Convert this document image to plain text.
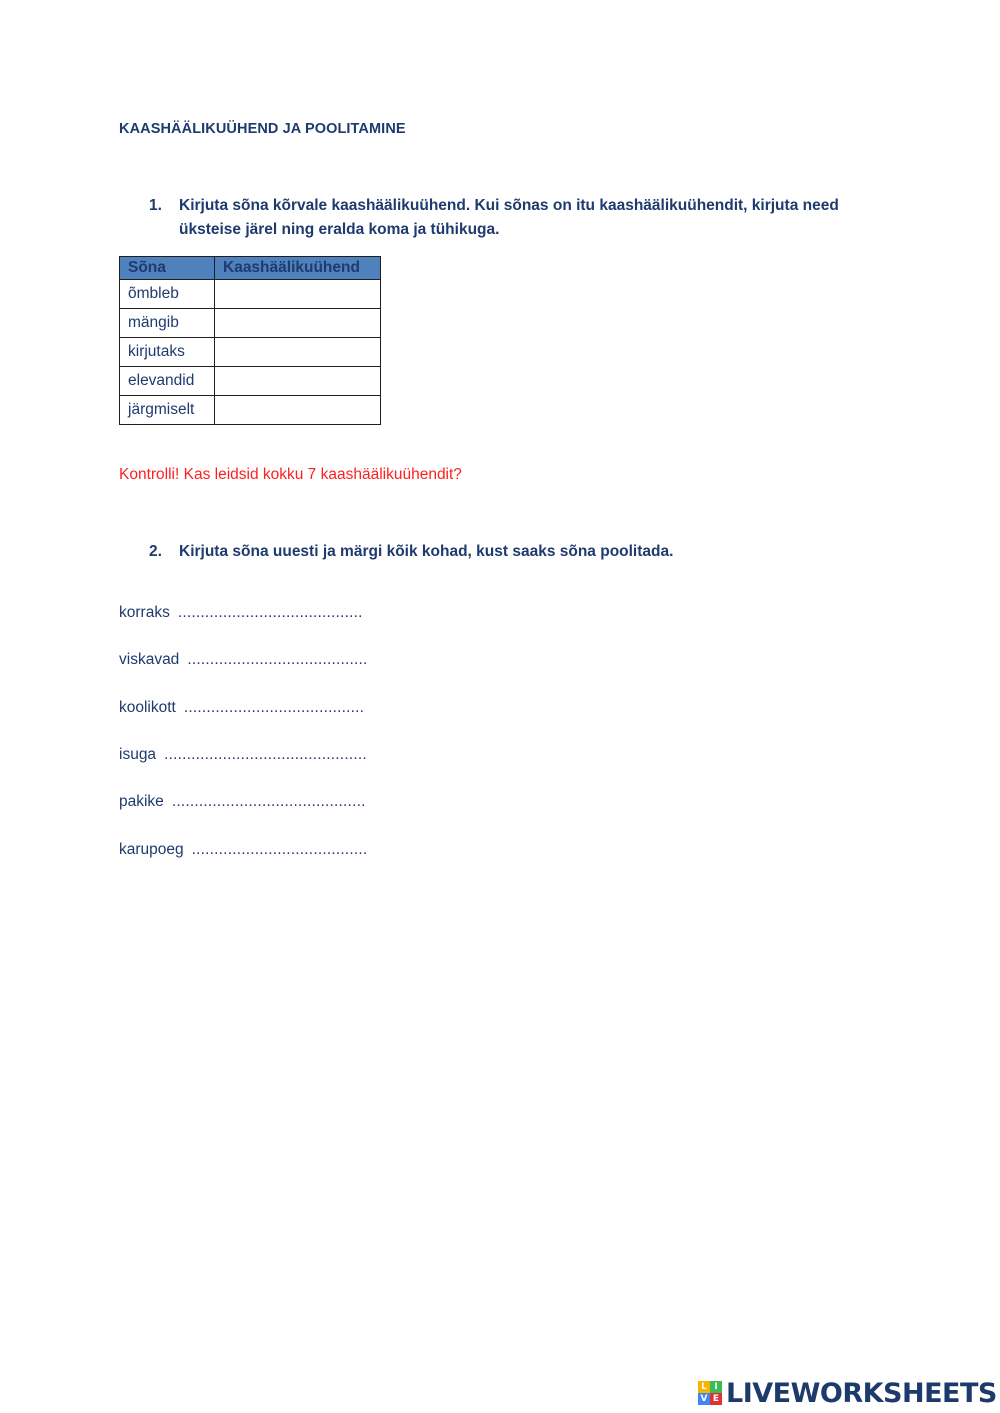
KAASHÄÄLIKUÜHEND JA POOLITAMINE
1. Kirjuta sõna kõrvale kaashäälikuühend. Kui sõnas on itu kaashäälikuühendit, kirjuta need üksteise järel ning eralda koma ja tühikuga.
Sõna	Kaashäälikuühend
õmbleb	
mängib	
kirjutaks	
elevandid	
järgmiselt	
Kontrolli! Kas leidsid kokku 7 kaashäälikuühendit?
2. Kirjuta sõna uuesti ja märgi kõik kohad, kust saaks sõna poolitada.
korraks .........................................
viskavad ........................................
koolikott ........................................
isuga .............................................
pakike ...........................................
karupoeg .......................................
L I
V E LIVEWORKSHEETS
